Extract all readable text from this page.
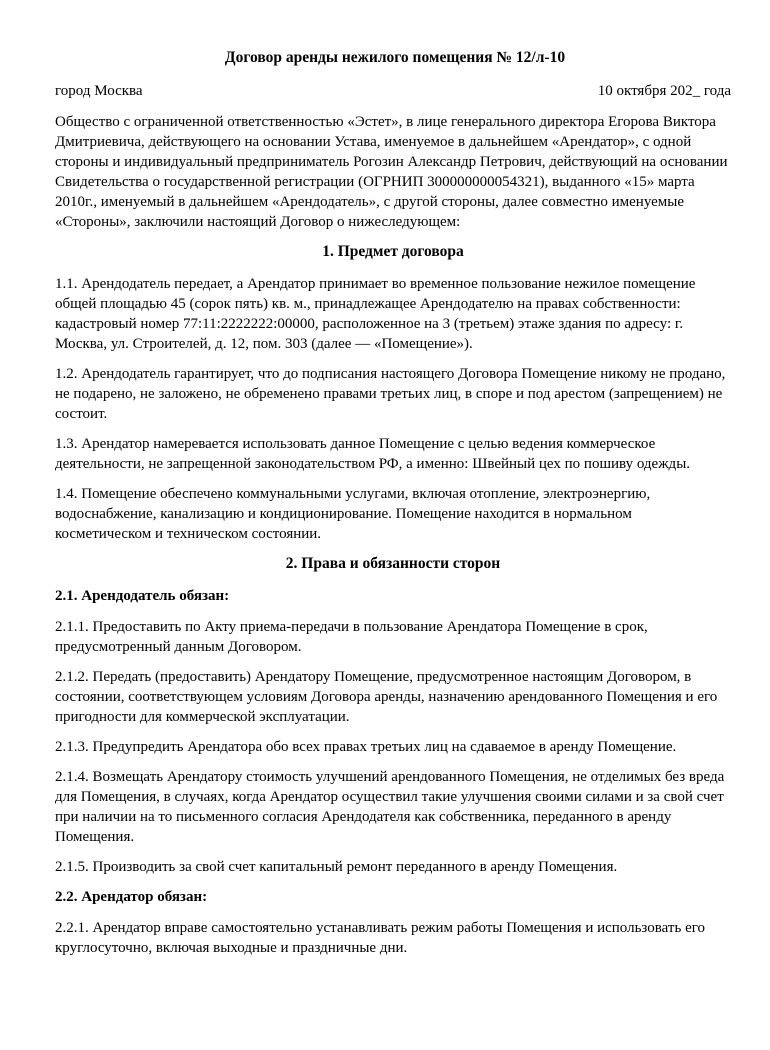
Договор аренды нежилого помещения № 12/л-10
город Москва	10 октября 202_ года

Общество с ограниченной ответственностью «Эстет», в лице генерального директора Егорова Виктора Дмитриевича, действующего на основании Устава, именуемое в дальнейшем «Арендатор», с одной стороны и индивидуальный предприниматель Рогозин Александр Петрович, действующий на основании Свидетельства о государственной регистрации (ОГРНИП 300000000054321), выданного «15» марта 2010г., именуемый в дальнейшем «Арендодатель», с другой стороны, далее совместно именуемые «Стороны», заключили настоящий Договор о нижеследующем:

1. Предмет договора

1.1. Арендодатель передает, а Арендатор принимает во временное пользование нежилое помещение общей площадью 45 (сорок пять) кв. м., принадлежащее Арендодателю на правах собственности: кадастровый номер 77:11:2222222:00000, расположенное на 3 (третьем) этаже здания по адресу: г. Москва, ул. Строителей, д. 12, пом. 303 (далее — «Помещение»).

1.2. Арендодатель гарантирует, что до подписания настоящего Договора Помещение никому не продано, не подарено, не заложено, не обременено правами третьих лиц, в споре и под арестом (запрещением) не состоит.

1.3. Арендатор намеревается использовать данное Помещение с целью ведения коммерческое деятельности, не запрещенной законодательством РФ, а именно: Швейный цех по пошиву одежды.

1.4. Помещение обеспечено коммунальными услугами, включая отопление, электроэнергию, водоснабжение, канализацию и кондиционирование. Помещение находится в нормальном косметическом и техническом состоянии.

2. Права и обязанности сторон
2.1. Арендодатель обязан:

2.1.1. Предоставить по Акту приема-передачи в пользование Арендатора Помещение в срок, предусмотренный данным Договором.

2.1.2. Передать (предоставить) Арендатору Помещение, предусмотренное настоящим Договором, в состоянии, соответствующем условиям Договора аренды, назначению арендованного Помещения и его пригодности для коммерческой эксплуатации.

2.1.3. Предупредить Арендатора обо всех правах третьих лиц на сдаваемое в аренду Помещение.

2.1.4. Возмещать Арендатору стоимость улучшений арендованного Помещения, не отделимых без вреда для Помещения, в случаях, когда Арендатор осуществил такие улучшения своими силами и за свой счет при наличии на то письменного согласия Арендодателя как собственника, переданного в аренду Помещения.

2.1.5. Производить за свой счет капитальный ремонт переданного в аренду Помещения.

2.2. Арендатор обязан:

2.2.1. Арендатор вправе самостоятельно устанавливать режим работы Помещения и использовать его круглосуточно, включая выходные и праздничные дни.
